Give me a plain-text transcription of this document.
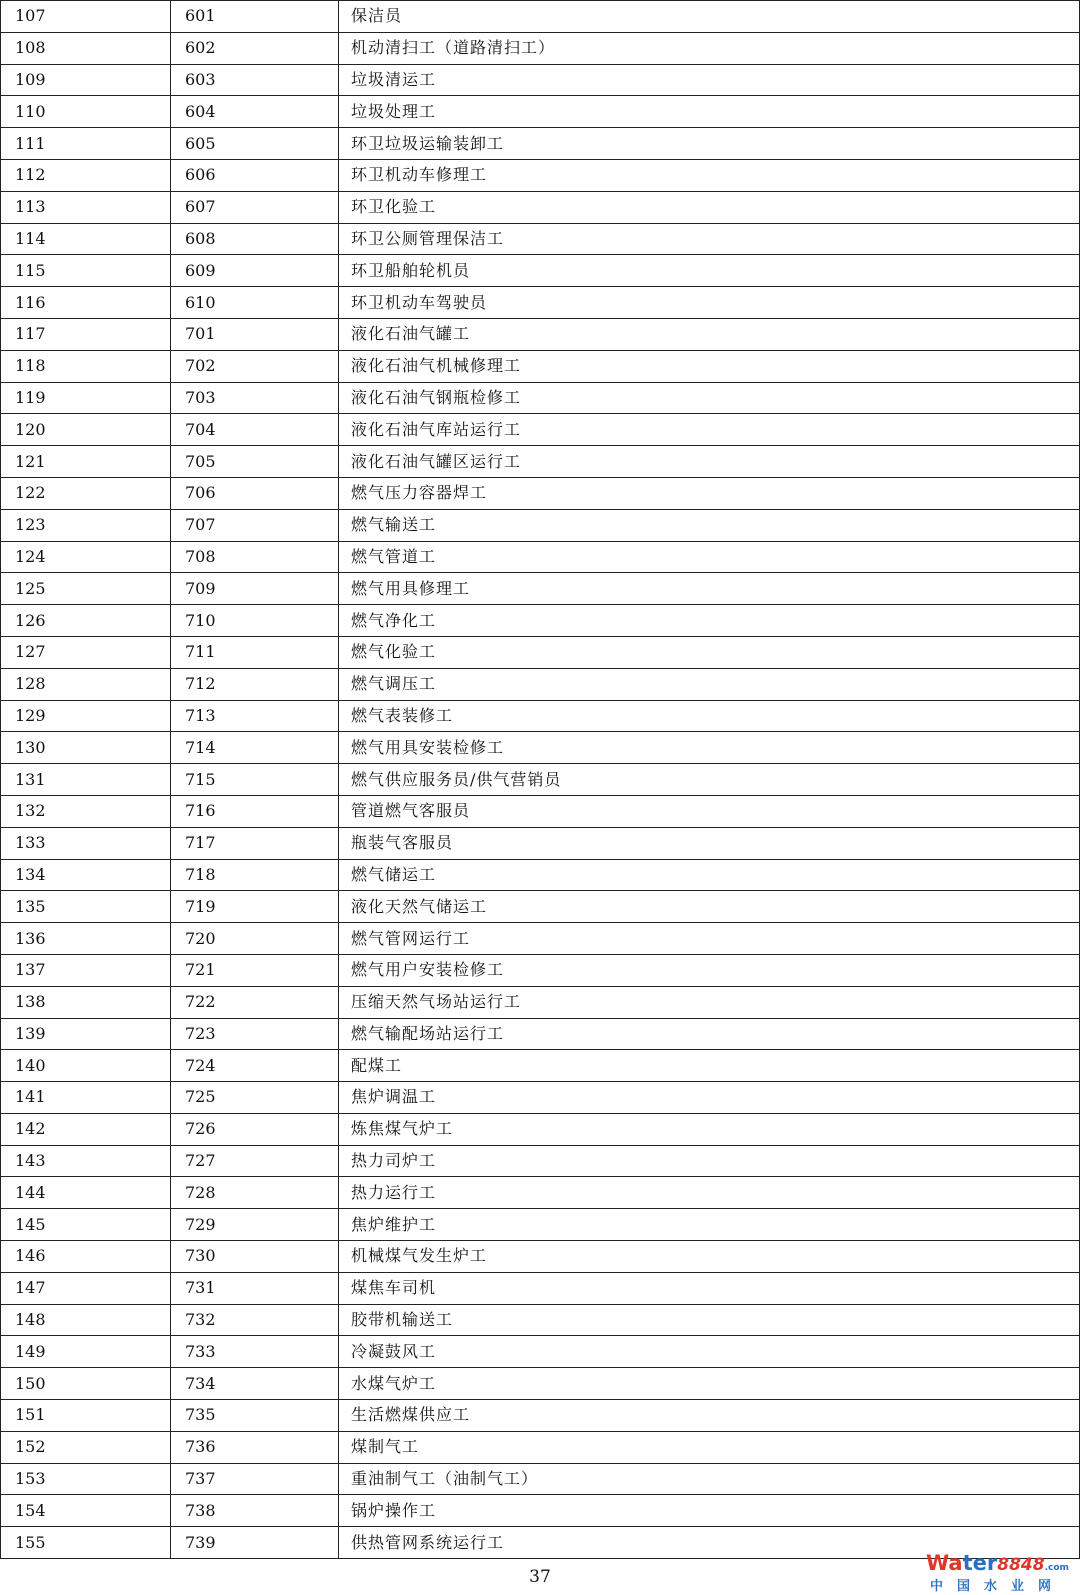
107	601	保洁员
108	602	机动清扫工（道路清扫工）
109	603	垃圾清运工
110	604	垃圾处理工
111	605	环卫垃圾运输装卸工
112	606	环卫机动车修理工
113	607	环卫化验工
114	608	环卫公厕管理保洁工
115	609	环卫船舶轮机员
116	610	环卫机动车驾驶员
117	701	液化石油气罐工
118	702	液化石油气机械修理工
119	703	液化石油气钢瓶检修工
120	704	液化石油气库站运行工
121	705	液化石油气罐区运行工
122	706	燃气压力容器焊工
123	707	燃气输送工
124	708	燃气管道工
125	709	燃气用具修理工
126	710	燃气净化工
127	711	燃气化验工
128	712	燃气调压工
129	713	燃气表装修工
130	714	燃气用具安装检修工
131	715	燃气供应服务员/供气营销员
132	716	管道燃气客服员
133	717	瓶装气客服员
134	718	燃气储运工
135	719	液化天然气储运工
136	720	燃气管网运行工
137	721	燃气用户安装检修工
138	722	压缩天然气场站运行工
139	723	燃气输配场站运行工
140	724	配煤工
141	725	焦炉调温工
142	726	炼焦煤气炉工
143	727	热力司炉工
144	728	热力运行工
145	729	焦炉维护工
146	730	机械煤气发生炉工
147	731	煤焦车司机
148	732	胶带机输送工
149	733	冷凝鼓风工
150	734	水煤气炉工
151	735	生活燃煤供应工
152	736	煤制气工
153	737	重油制气工（油制气工）
154	738	锅炉操作工
155	739	供热管网系统运行工
37
Water8848.com
中国水业网
